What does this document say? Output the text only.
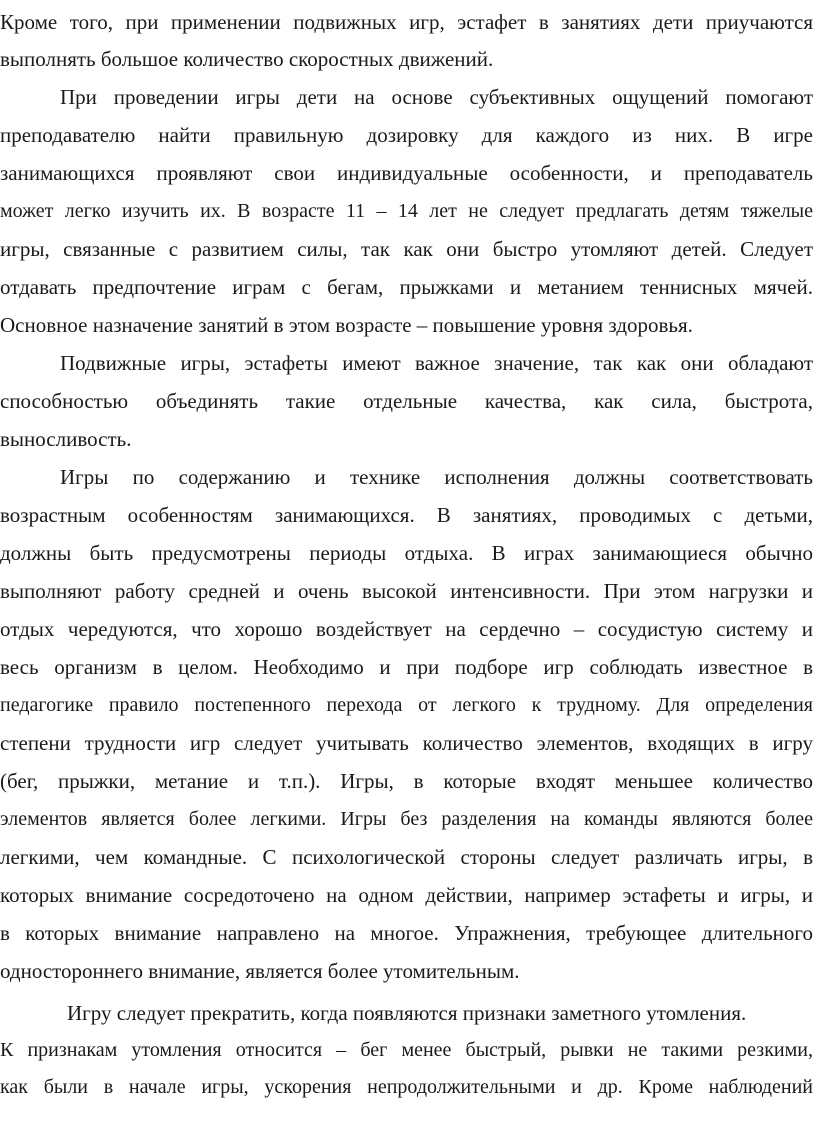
Кроме того, при применении подвижных игр, эстафет в занятиях дети приучаются
выполнять большое количество скоростных движений.
При проведении игры дети на основе субъективных ощущений помогают
преподавателю найти правильную дозировку для каждого из них. В игре
занимающихся проявляют свои индивидуальные особенности, и преподаватель
может легко изучить их. В возрасте 11 – 14 лет не следует предлагать детям тяжелые
игры, связанные с развитием силы, так как они быстро утомляют детей. Следует
отдавать предпочтение играм с бегам, прыжками и метанием теннисных мячей.
Основное назначение занятий в этом возрасте – повышение уровня здоровья.
Подвижные игры, эстафеты имеют важное значение, так как они обладают
способностью объединять такие отдельные качества, как сила, быстрота,
выносливость.
Игры по содержанию и технике исполнения должны соответствовать
возрастным особенностям занимающихся. В занятиях, проводимых с детьми,
должны быть предусмотрены периоды отдыха. В играх занимающиеся обычно
выполняют работу средней и очень высокой интенсивности. При этом нагрузки и
отдых чередуются, что хорошо воздействует на сердечно – сосудистую систему и
весь организм в целом. Необходимо и при подборе игр соблюдать известное в
педагогике правило постепенного перехода от легкого к трудному. Для определения
степени трудности игр следует учитывать количество элементов, входящих в игру
(бег, прыжки, метание и т.п.). Игры, в которые входят меньшее количество
элементов является более легкими. Игры без разделения на команды являются более
легкими, чем командные. С психологической стороны следует различать игры, в
которых внимание сосредоточено на одном действии, например эстафеты и игры, и
в которых внимание направлено на многое. Упражнения, требующее длительного
одностороннего внимание, является более утомительным.
Игру следует прекратить, когда появляются признаки заметного утомления.
К признакам утомления относится – бег менее быстрый, рывки не такими резкими,
как были в начале игры, ускорения непродолжительными и др. Кроме наблюдений
